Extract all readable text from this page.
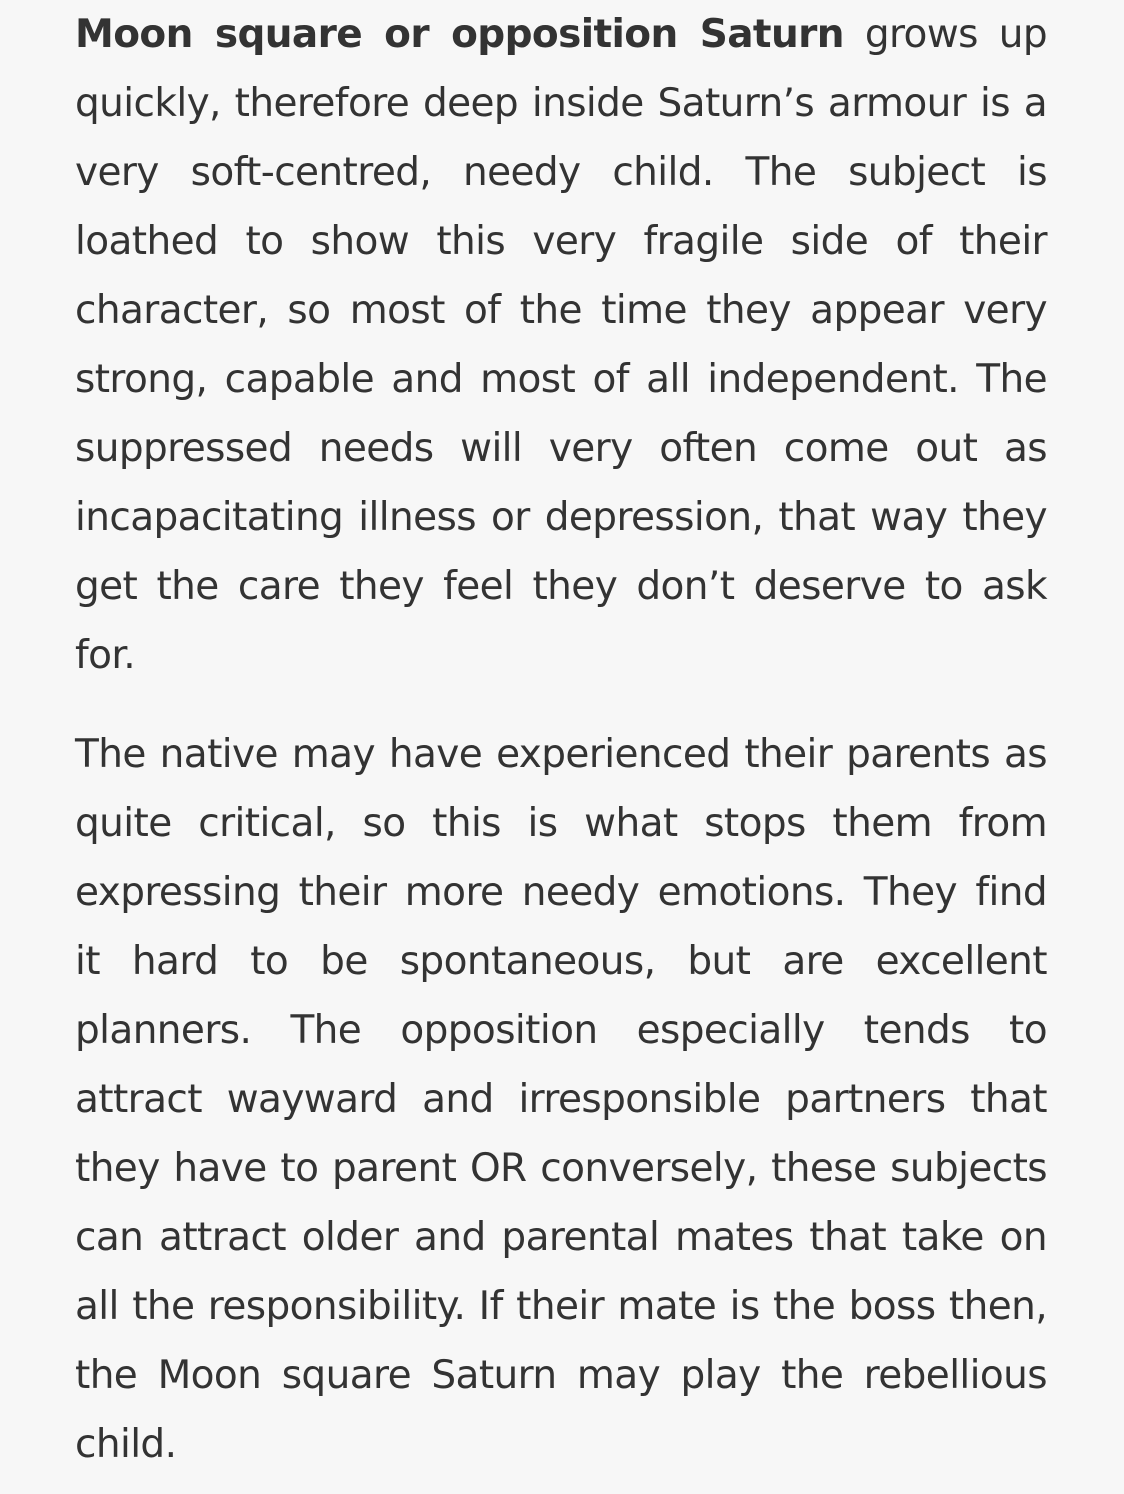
Moon square or opposition Saturn grows up quickly, therefore deep inside Saturn’s armour is a very soft-centred, needy child. The subject is loathed to show this very fragile side of their character, so most of the time they appear very strong, capable and most of all independent. The suppressed needs will very often come out as incapacitating illness or depression, that way they get the care they feel they don’t deserve to ask for.

The native may have experienced their parents as quite critical, so this is what stops them from expressing their more needy emotions. They find it hard to be spontaneous, but are excellent planners. The opposition especially tends to attract wayward and irresponsible partners that they have to parent OR conversely, these subjects can attract older and parental mates that take on all the responsibility. If their mate is the boss then, the Moon square Saturn may play the rebellious child.
